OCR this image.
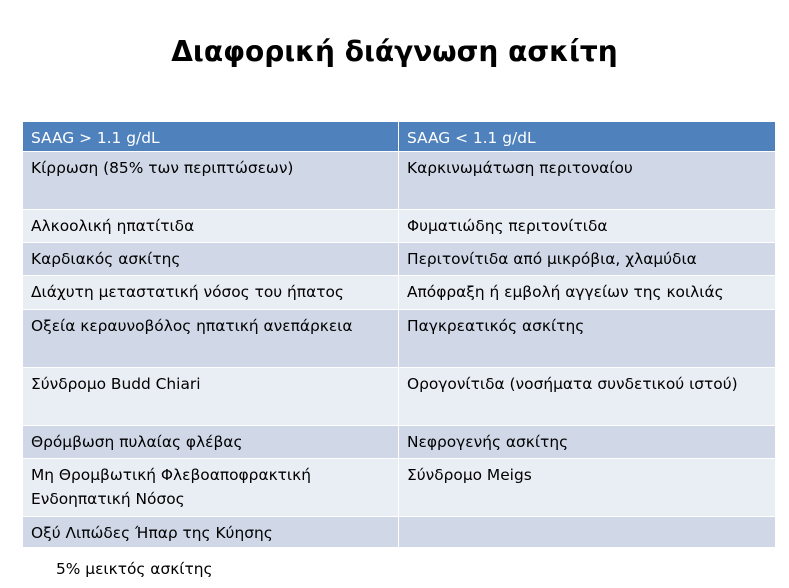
Διαφορική διάγνωση ασκίτη
SAAG > 1.1 g/dL	SAAG < 1.1 g/dL
Κίρρωση (85% των περιπτώσεων)	Καρκινωμάτωση περιτοναίου
Αλκοολική ηπατίτιδα	Φυματιώδης περιτονίτιδα
Καρδιακός ασκίτης	Περιτονίτιδα από μικρόβια, χλαμύδια
Διάχυτη μεταστατική νόσος του ήπατος	Απόφραξη ή εμβολή αγγείων της κοιλιάς
Οξεία κεραυνοβόλος ηπατική ανεπάρκεια	Παγκρεατικός ασκίτης
Σύνδρομο Budd Chiari	Ορογονίτιδα (νοσήματα συνδετικού ιστού)
Θρόμβωση πυλαίας φλέβας	Νεφρογενής ασκίτης
Μη Θρομβωτική Φλεβοαποφρακτική Ενδοηπατική Νόσος	Σύνδρομο Meigs
Οξύ Λιπώδες Ήπαρ της Κύησης	
5% μεικτός ασκίτης
